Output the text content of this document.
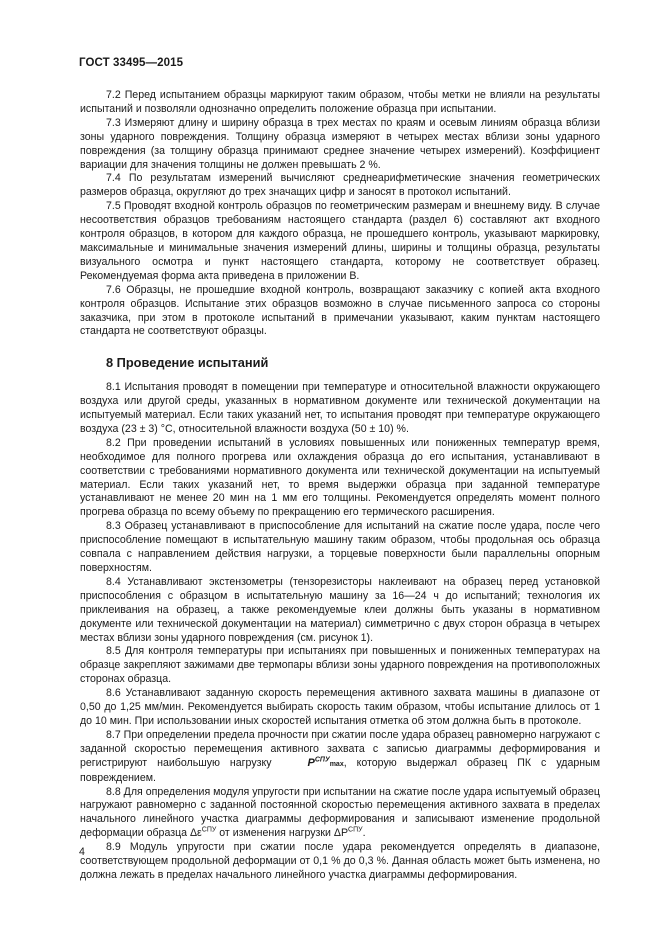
ГОСТ 33495—2015

7.2 Перед испытанием образцы маркируют таким образом, чтобы метки не влияли на результаты испытаний и позволяли однозначно определить положение образца при испытании.

7.3 Измеряют длину и ширину образца в трех местах по краям и осевым линиям образца вблизи зоны ударного повреждения. Толщину образца измеряют в четырех местах вблизи зоны ударного повреждения (за толщину образца принимают среднее значение четырех измерений). Коэффициент вариации для значения толщины не должен превышать 2 %.

7.4 По результатам измерений вычисляют среднеарифметические значения геометрических размеров образца, округляют до трех значащих цифр и заносят в протокол испытаний.

7.5 Проводят входной контроль образцов по геометрическим размерам и внешнему виду. В случае несоответствия образцов требованиям настоящего стандарта (раздел 6) составляют акт входного контроля образцов, в котором для каждого образца, не прошедшего контроль, указывают маркировку, максимальные и минимальные значения измерений длины, ширины и толщины образца, результаты визуального осмотра и пункт настоящего стандарта, которому не соответствует образец. Рекомендуемая форма акта приведена в приложении В.

7.6 Образцы, не прошедшие входной контроль, возвращают заказчику с копией акта входного контроля образцов. Испытание этих образцов возможно в случае письменного запроса со стороны заказчика, при этом в протоколе испытаний в примечании указывают, каким пунктам настоящего стандарта не соответствуют образцы.

8 Проведение испытаний

8.1 Испытания проводят в помещении при температуре и относительной влажности окружающего воздуха или другой среды, указанных в нормативном документе или технической документации на испытуемый материал. Если таких указаний нет, то испытания проводят при температуре окружающего воздуха (23 ± 3) °С, относительной влажности воздуха (50 ± 10) %.

8.2 При проведении испытаний в условиях повышенных или пониженных температур время, необходимое для полного прогрева или охлаждения образца до его испытания, устанавливают в соответствии с требованиями нормативного документа или технической документации на испытуемый материал. Если таких указаний нет, то время выдержки образца при заданной температуре устанавливают не менее 20 мин на 1 мм его толщины. Рекомендуется определять момент полного прогрева образца по всему объему по прекращению его термического расширения.

8.3 Образец устанавливают в приспособление для испытаний на сжатие после удара, после чего приспособление помещают в испытательную машину таким образом, чтобы продольная ось образца совпала с направлением действия нагрузки, а торцевые поверхности были параллельны опорным поверхностям.

8.4 Устанавливают экстензометры (тензорезисторы наклеивают на образец перед установкой приспособления с образцом в испытательную машину за 16—24 ч до испытаний; технология их приклеивания на образец, а также рекомендуемые клеи должны быть указаны в нормативном документе или технической документации на материал) симметрично с двух сторон образца в четырех местах вблизи зоны ударного повреждения (см. рисунок 1).

8.5 Для контроля температуры при испытаниях при повышенных и пониженных температурах на образце закрепляют зажимами две термопары вблизи зоны ударного повреждения на противоположных сторонах образца.

8.6 Устанавливают заданную скорость перемещения активного захвата машины в диапазоне от 0,50 до 1,25 мм/мин. Рекомендуется выбирать скорость таким образом, чтобы испытание длилось от 1 до 10 мин. При использовании иных скоростей испытания отметка об этом должна быть в протоколе.

8.7 При определении предела прочности при сжатии после удара образец равномерно нагружают с заданной скоростью перемещения активного захвата с записью диаграммы деформирования и регистрируют наибольшую нагрузку	$P^{СПУ}\max$, которую выдержал образец ПК с ударным повреждением.

8.8 Для определения модуля упругости при испытании на сжатие после удара испытуемый образец нагружают равномерно с заданной постоянной скоростью перемещения активного захвата в пределах начального линейного участка диаграммы деформирования и записывают изменение продольной деформации образца $\Delta\varepsilon^{СПУ}$ от изменения нагрузки $\Delta P^{СПУ}$.

8.9 Модуль упругости при сжатии после удара рекомендуется определять в диапазоне, соответствующем продольной деформации от 0,1 % до 0,3 %. Данная область может быть изменена, но должна лежать в пределах начального линейного участка диаграммы деформирования.

4
